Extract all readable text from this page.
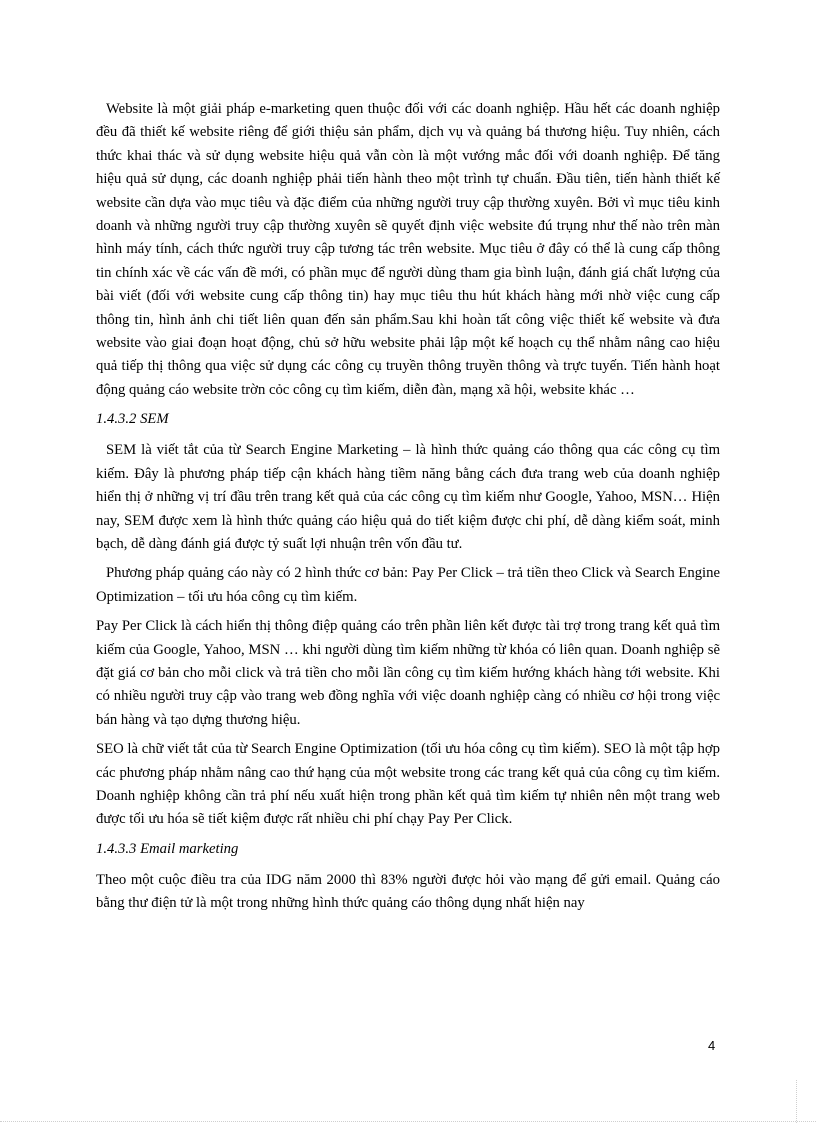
Website là một giải pháp e-marketing quen thuộc đối với các doanh nghiệp. Hầu hết các doanh nghiệp đều đã thiết kế website riêng để giới thiệu sản phẩm, dịch vụ và quảng bá thương hiệu. Tuy nhiên, cách thức khai thác và sử dụng website hiệu quả vẫn còn là một vướng mắc đối với doanh nghiệp. Để tăng hiệu quả sử dụng, các doanh nghiệp phải tiến hành theo một trình tự chuẩn. Đầu tiên, tiến hành thiết kế website cần dựa vào mục tiêu và đặc điểm của những người truy cập thường xuyên. Bởi vì mục tiêu kinh doanh và những người truy cập thường xuyên sẽ quyết định việc website đú trụng như thế nào trên màn hình máy tính, cách thức người truy cập tương tác trên website. Mục tiêu ở đây có thể là cung cấp thông tin chính xác về các vấn đề mới, có phần mục để người dùng tham gia bình luận, đánh giá chất lượng của bài viết (đối với website cung cấp thông tin) hay mục tiêu thu hút khách hàng mới nhờ việc cung cấp thông tin, hình ảnh chi tiết liên quan đến sản phẩm.Sau khi hoàn tất công việc thiết kế website và đưa website vào giai đoạn hoạt động, chủ sở hữu website phải lập một kế hoạch cụ thể nhằm nâng cao hiệu quả tiếp thị thông qua việc sử dụng các công cụ truyền thông truyền thông và trực tuyến. Tiến hành hoạt động quảng cáo website trờn cỏc công cụ tìm kiếm, diễn đàn, mạng xã hội, website khác …

1.4.3.2 SEM

SEM là viết tắt của từ Search Engine Marketing – là hình thức quảng cáo thông qua các công cụ tìm kiếm. Đây là phương pháp tiếp cận khách hàng tiềm năng bằng cách đưa trang web của doanh nghiệp hiển thị ở những vị trí đầu trên trang kết quả của các công cụ tìm kiếm như Google, Yahoo, MSN… Hiện nay, SEM được xem là hình thức quảng cáo hiệu quả do tiết kiệm được chi phí, dễ dàng kiểm soát, minh bạch, dễ dàng đánh giá được tỷ suất lợi nhuận trên vốn đầu tư.

Phương pháp quảng cáo này có 2 hình thức cơ bản: Pay Per Click – trả tiền theo Click và Search Engine Optimization – tối ưu hóa công cụ tìm kiếm.

Pay Per Click là cách hiển thị thông điệp quảng cáo trên phần liên kết được tài trợ trong trang kết quả tìm kiếm của Google, Yahoo, MSN … khi người dùng tìm kiếm những từ khóa có liên quan. Doanh nghiệp sẽ đặt giá cơ bản cho mỗi click và trả tiền cho mỗi lần công cụ tìm kiếm hướng khách hàng tới website. Khi có nhiều người truy cập vào trang web đồng nghĩa với việc doanh nghiệp càng có nhiều cơ hội trong việc bán hàng và tạo dựng thương hiệu.

SEO là chữ viết tắt của từ Search Engine Optimization (tối ưu hóa công cụ tìm kiếm). SEO là một tập hợp các phương pháp nhằm nâng cao thứ hạng của một website trong các trang kết quả của công cụ tìm kiếm. Doanh nghiệp không cần trả phí nếu xuất hiện trong phần kết quả tìm kiếm tự nhiên nên một trang web được tối ưu hóa sẽ tiết kiệm được rất nhiều chi phí chạy Pay Per Click.

1.4.3.3 Email marketing

Theo một cuộc điều tra của IDG năm 2000 thì 83% người được hỏi vào mạng để gửi email. Quảng cáo bằng thư điện tử là một trong những hình thức quảng cáo thông dụng nhất hiện nay

4
